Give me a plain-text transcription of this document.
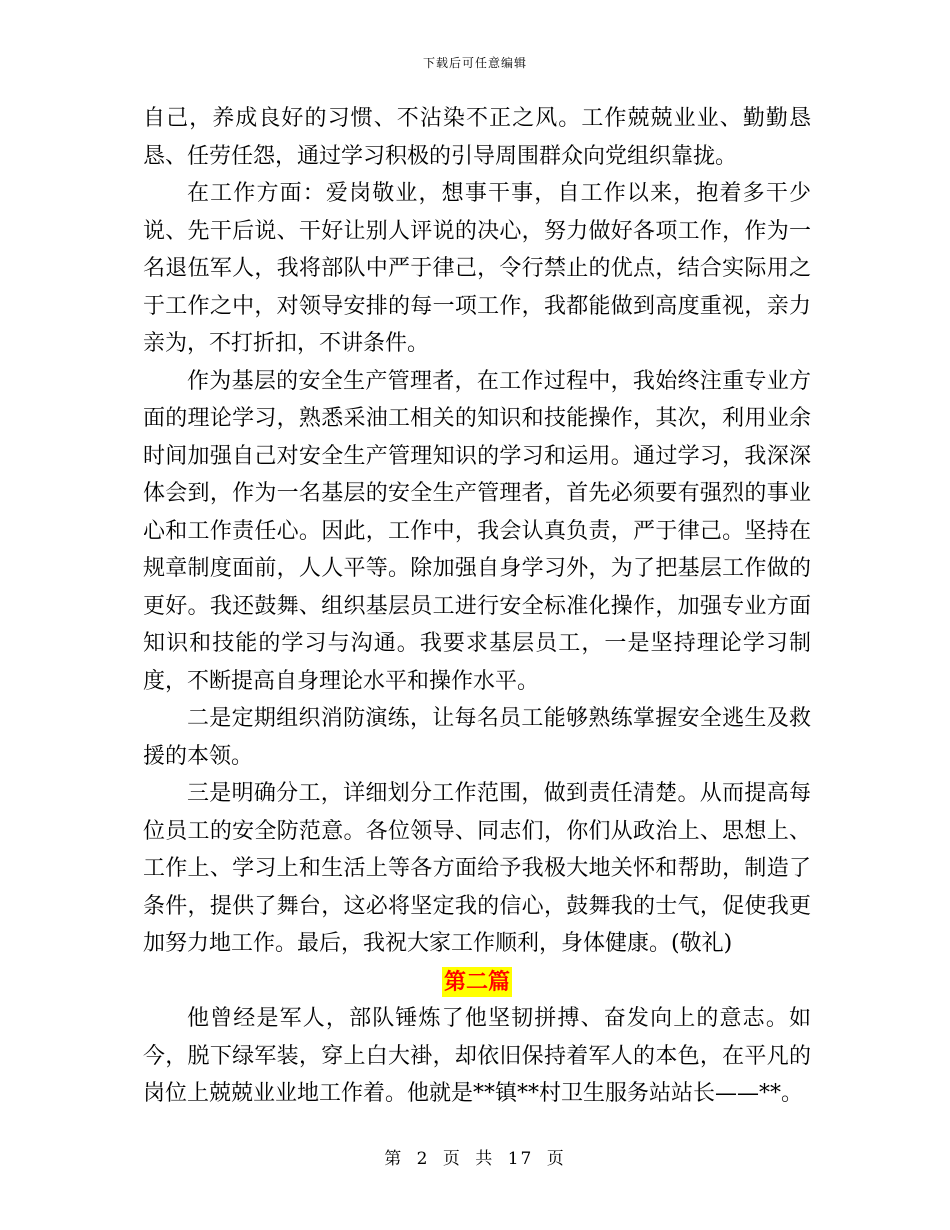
下载后可任意编辑

自己，养成良好的习惯、不沾染不正之风。工作兢兢业业、勤勤恳恳、任劳任怨，通过学习积极的引导周围群众向党组织靠拢。

在工作方面：爱岗敬业，想事干事，自工作以来，抱着多干少说、先干后说、干好让别人评说的决心，努力做好各项工作，作为一名退伍军人，我将部队中严于律己，令行禁止的优点，结合实际用之于工作之中，对领导安排的每一项工作，我都能做到高度重视，亲力亲为，不打折扣，不讲条件。

作为基层的安全生产管理者，在工作过程中，我始终注重专业方面的理论学习，熟悉采油工相关的知识和技能操作，其次，利用业余时间加强自己对安全生产管理知识的学习和运用。通过学习，我深深体会到，作为一名基层的安全生产管理者，首先必须要有强烈的事业心和工作责任心。因此，工作中，我会认真负责，严于律己。坚持在规章制度面前，人人平等。除加强自身学习外，为了把基层工作做的更好。我还鼓舞、组织基层员工进行安全标准化操作，加强专业方面知识和技能的学习与沟通。我要求基层员工，一是坚持理论学习制度，不断提高自身理论水平和操作水平。

二是定期组织消防演练，让每名员工能够熟练掌握安全逃生及救援的本领。

三是明确分工，详细划分工作范围，做到责任清楚。从而提高每位员工的安全防范意。各位领导、同志们，你们从政治上、思想上、工作上、学习上和生活上等各方面给予我极大地关怀和帮助，制造了条件，提供了舞台，这必将坚定我的信心，鼓舞我的士气，促使我更加努力地工作。最后，我祝大家工作顺利，身体健康。(敬礼)

第二篇

他曾经是军人，部队锤炼了他坚韧拼搏、奋发向上的意志。如今，脱下绿军装，穿上白大褂，却依旧保持着军人的本色，在平凡的岗位上兢兢业业地工作着。他就是**镇**村卫生服务站站长——**。

第 2 页 共 17 页
